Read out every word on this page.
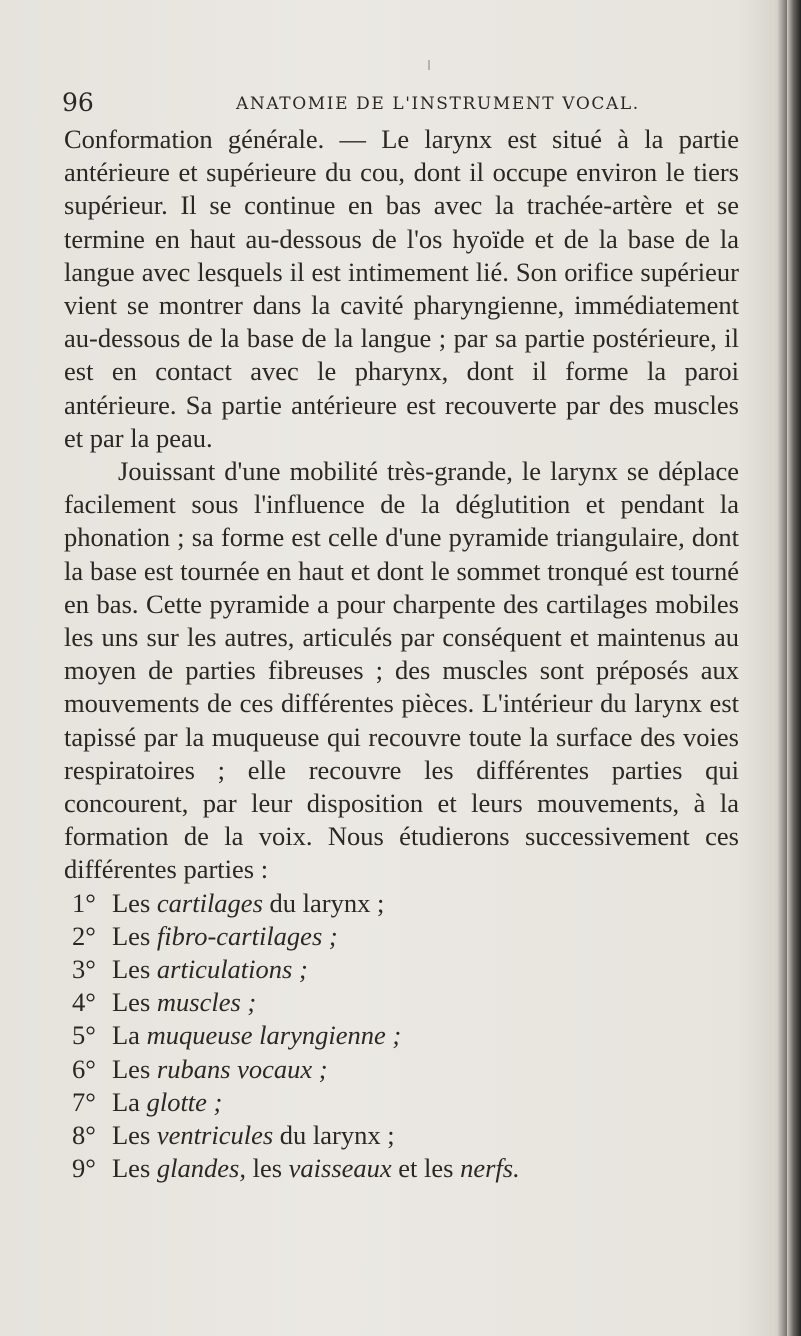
96	ANATOMIE DE L'INSTRUMENT VOCAL.

Conformation générale. — Le larynx est situé à la partie antérieure et supérieure du cou, dont il occupe environ le tiers supérieur. Il se continue en bas avec la trachée-artère et se termine en haut au-dessous de l'os hyoïde et de la base de la langue avec lesquels il est intimement lié. Son orifice supérieur vient se montrer dans la cavité pharyngienne, immédiatement au-dessous de la base de la langue ; par sa partie postérieure, il est en contact avec le pharynx, dont il forme la paroi antérieure. Sa partie antérieure est recouverte par des muscles et par la peau.

Jouissant d'une mobilité très-grande, le larynx se déplace facilement sous l'influence de la déglutition et pendant la phonation ; sa forme est celle d'une pyramide triangulaire, dont la base est tournée en haut et dont le sommet tronqué est tourné en bas. Cette pyramide a pour charpente des cartilages mobiles les uns sur les autres, articulés par conséquent et maintenus au moyen de parties fibreuses ; des muscles sont préposés aux mouvements de ces différentes pièces. L'intérieur du larynx est tapissé par la muqueuse qui recouvre toute la surface des voies respiratoires ; elle recouvre les différentes parties qui concourent, par leur disposition et leurs mouvements, à la formation de la voix. Nous étudierons successivement ces différentes parties :

1° Les cartilages du larynx ;
2° Les fibro-cartilages ;
3° Les articulations ;
4° Les muscles ;
5° La muqueuse laryngienne ;
6° Les rubans vocaux ;
7° La glotte ;
8° Les ventricules du larynx ;
9° Les glandes, les vaisseaux et les nerfs.
